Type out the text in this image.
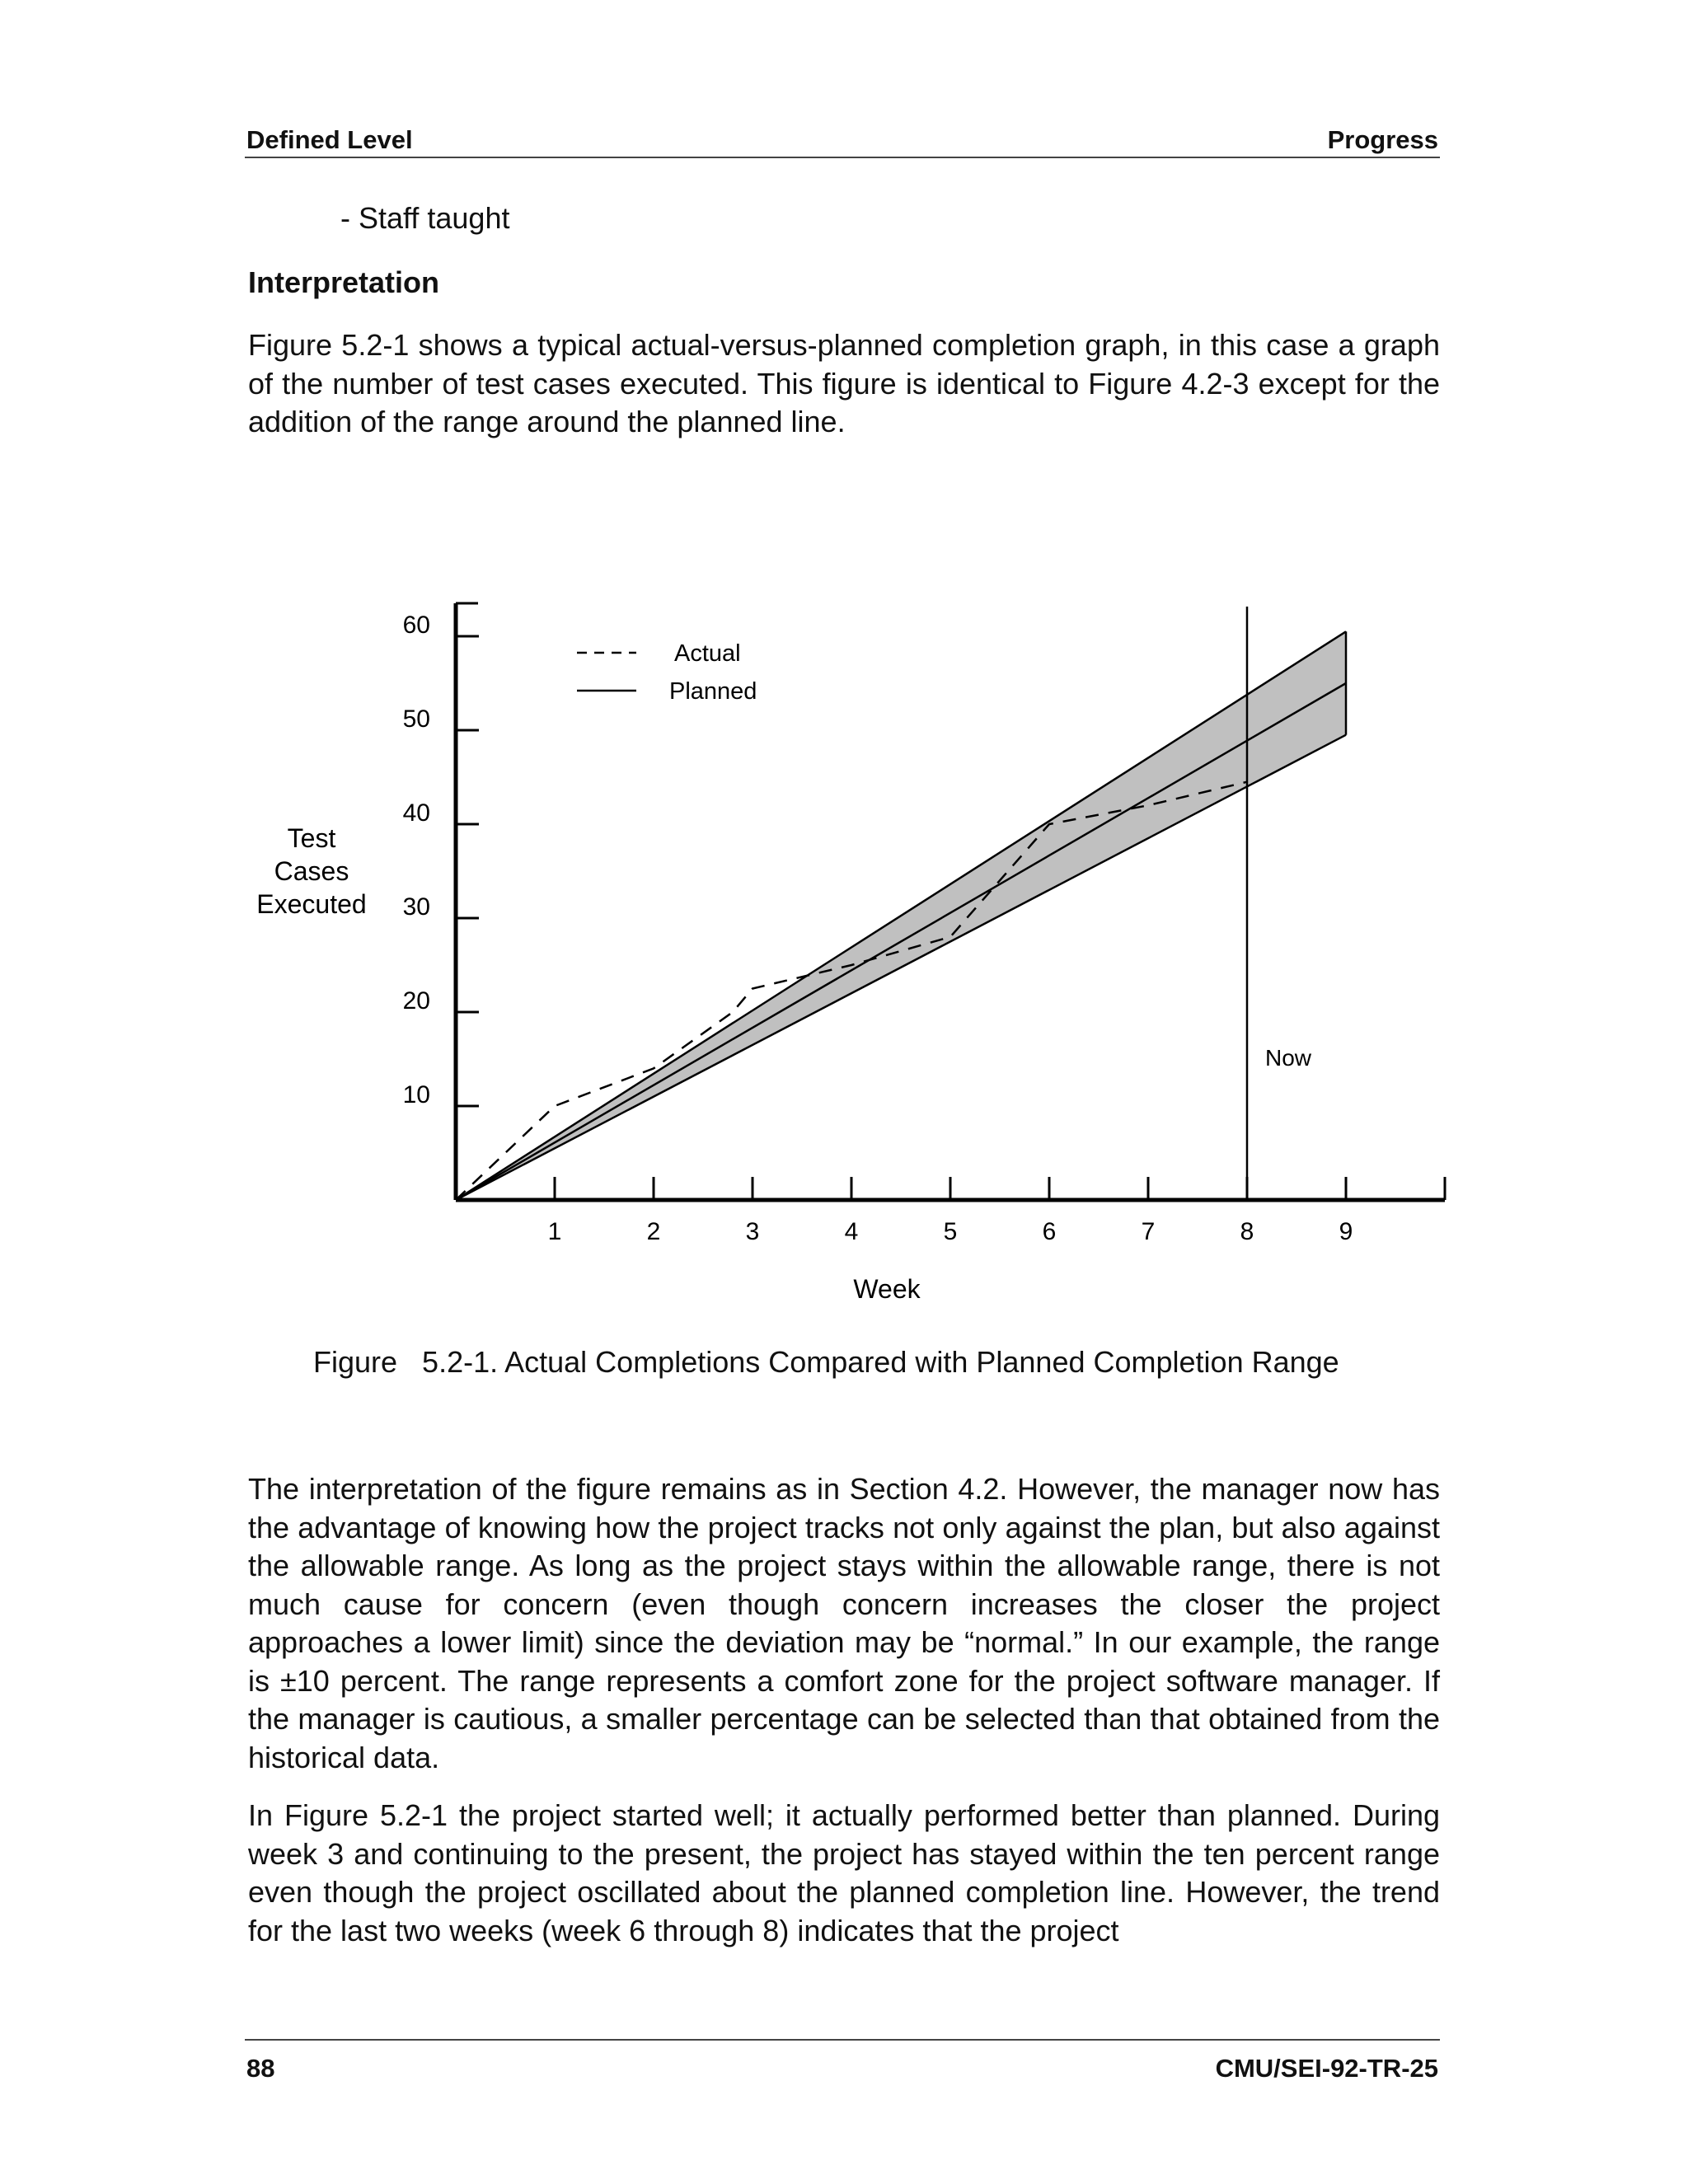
Defined Level	Progress
- Staff taught
Interpretation
Figure 5.2-1 shows a typical actual-versus-planned completion graph, in this case a graph of the number of test cases executed. This figure is identical to Figure 4.2-3 except for the addition of the range around the planned line.
Now
10
20
30
40
50
60
1	2	3	4	5	6	7	8	9
Test
Cases
Executed
Week
Actual
Planned
Figure   5.2-1. Actual Completions Compared with Planned Completion Range
The interpretation of the figure remains as in Section 4.2. However, the manager now has the advantage of knowing how the project tracks not only against the plan, but also against the allowable range. As long as the project stays within the allowable range, there is not much cause for concern (even though concern increases the closer the project approaches a lower limit) since the deviation may be “normal.” In our example, the range is ±10 percent. The range represents a comfort zone for the project software manager. If the manager is cautious, a smaller percentage can be selected than that obtained from the historical data.
In Figure 5.2-1 the project started well; it actually performed better than planned. During week 3 and continuing to the present, the project has stayed within the ten percent range even though the project oscillated about the planned completion line. However, the trend for the last two weeks (week 6 through 8) indicates that the project
88	CMU/SEI-92-TR-25
